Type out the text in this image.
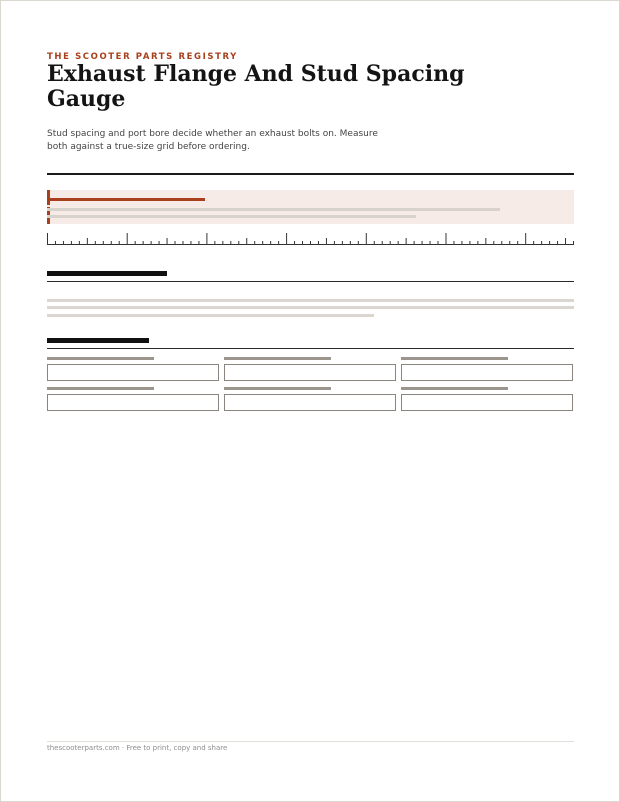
THE SCOOTER PARTS REGISTRY
Exhaust Flange And Stud Spacing Gauge

Stud spacing and port bore decide whether an exhaust bolts on. Measure both against a true-size grid before ordering.

thescooterparts.com · Free to print, copy and share
